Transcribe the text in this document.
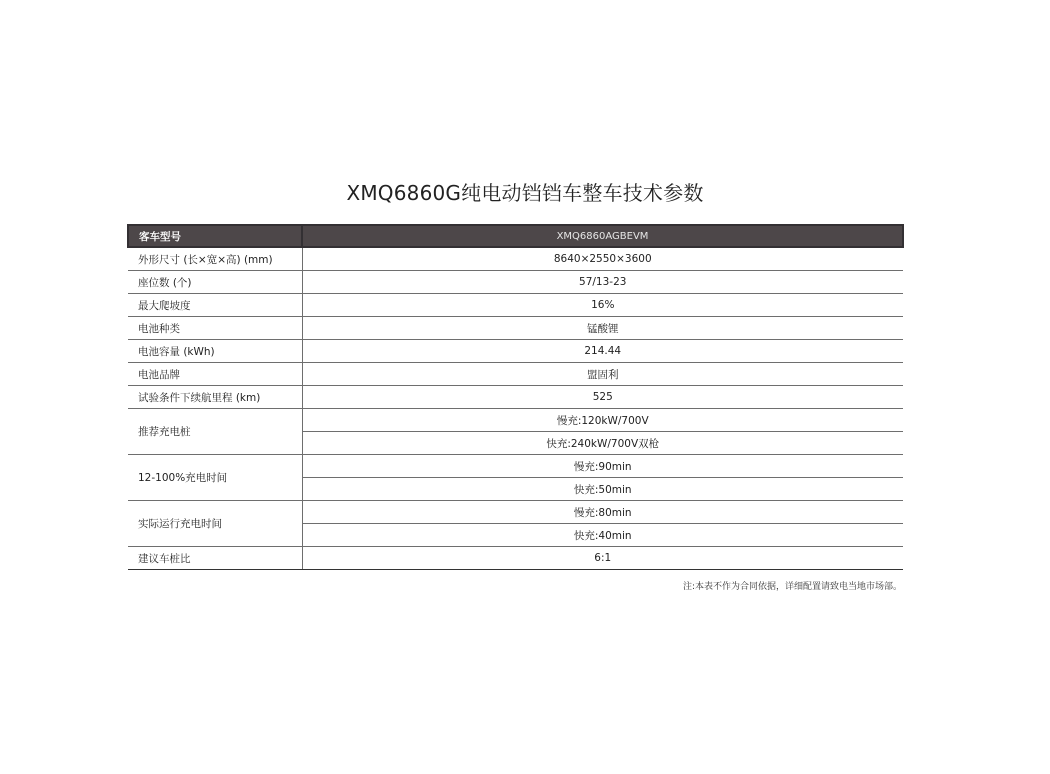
XMQ6860G纯电动铛铛车整车技术参数
客车型号	XMQ6860AGBEVM
外形尺寸 (长×宽×高) (mm)	8640×2550×3600
座位数 (个)	57/13-23
最大爬坡度	16%
电池种类	锰酸锂
电池容量 (kWh)	214.44
电池品牌	盟固利
试验条件下续航里程 (km)	525
推荐充电桩	慢充:120kW/700V
	快充:240kW/700V双枪
12-100%充电时间	慢充:90min
	快充:50min
实际运行充电时间	慢充:80min
	快充:40min
建议车桩比	6:1
注:本表不作为合同依据，详细配置请致电当地市场部。
